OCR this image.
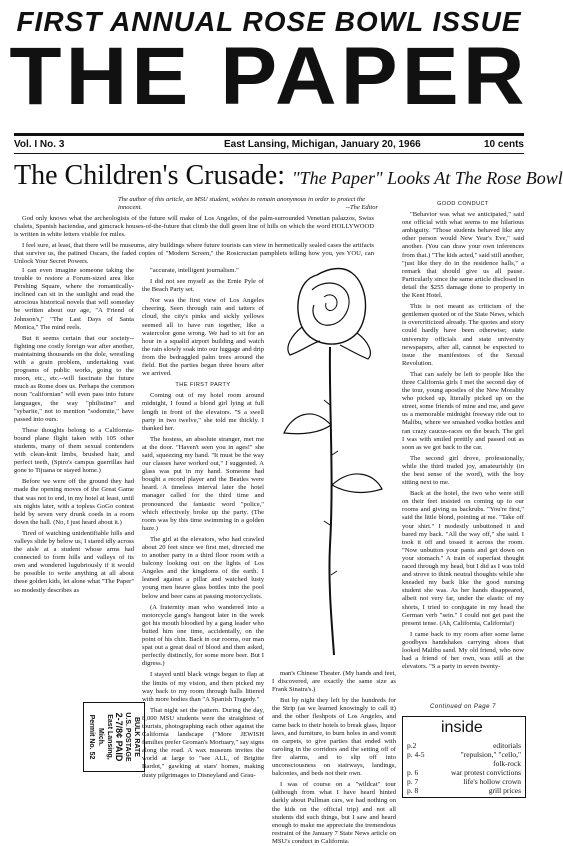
FIRST ANNUAL ROSE BOWL ISSUE
THE PAPER
Vol. I No. 3	East Lansing, Michigan, January 20, 1966	10 cents
The Children's Crusade: "The Paper" Looks At The Rose Bowl
The author of this article, an MSU student, wishes to remain anonymous in order to protect the innocent.	--The Editor

God only knows what the archeologists of the future will make of Los Angeles, of the palm-surrounded Venetian palazzos, Swiss chalets, Spanish haciendas, and gimcrack houses-of-the-future that climb the dull green line of hills on which the word HOLLYWOOD is written in white letters visible for miles.

I feel sure, at least, that there will be museums, airy buildings where future tourists can view in hermetically sealed cases the artifacts that survive us, the patined Oscars, the faded copies of "Modern Screen," the Rosicrucian pamphlets telling how you, yes YOU, can Unlock Your Secret Powers.

I can even imagine someone taking the trouble to restore a Forum-sized area like Pershing Square, where the romantically-inclined can sit in the sunlight and read the atrocious historical novels that will someday be written about our age, "A Friend of Johnson's," "The Last Days of Santa Monica," The mind reels.

But it seems certain that our society--fighting one costly foreign war after another, maintaining thousands on the dole, wrestling with a grain problem, undertaking vast programs of public works, going to the moon, etc., etc.--will fascinate the future much as Rome does us. Perhaps the common noun "californian" will even pass into future languages, the way "philistine" and "sybarite," not to mention "sodomite," have passed into ours.

These thoughts belong to a California-bound plane flight taken with 105 other students, many of them sexual contenders with clean-knit limbs, brushed hair, and perfect teeth, (Spiro's campus guerrillas had gone to Tijuana or stayed home.)

Before we were off the ground they had made the opening moves of the Great Game that was not to end, in my hotel at least, until six nights later, with a topless GoGo contest held by seven very drunk coeds in a room down the hall. (No, I just heard about it.)

Tired of watching unidentifiable hills and valleys slide by below us, I stared idly across the aisle at a student whose arms had connected to form hills and valleys of its own and wondered lugubriously if it would be possible to write anything at all about these golden kids, let alone what "The Paper" so modestly describes as

BULK RATE
U.S. POSTAGE
2-7/8¢ PAID
East Lansing, Mich.
Permit No. 52

"accurate, intelligent journalism."

I did not see myself as the Ernie Pyle of the Beach Party set.

Nor was the first view of Los Angeles cheering. Seen through rain and tatters of cloud, the city's pinks and sickly yellows seemed all to have run together, like a watercolor gone wrong. We had to sit for an hour in a squalid airport building and watch the rain slowly soak into our luggage and drip from the bedraggled palm trees around the field. But the parties began three hours after we arrived.

THE FIRST PARTY

Coming out of my hotel room around midnight, I found a blond girl lying at full length in front of the elevators. "S a swell party in two twelve," she told me thickly. I thanked her.

The hostess, an absolute stranger, met me at the door. "Haven't seen you in ages!" she said, squeezing my hand. "It must be the way our classes have worked out," I suggested. A glass was put in my hand. Someone had bought a record player and the Beatles were heard. A timeless interval later the hotel manager called for the third time and pronounced the fantastic word "police," which effectively broke up the party. (The room was by this time swimming in a golden haze.)

The girl at the elevators, who had crawled about 20 feet since we first met, directed me to another party in a third floor room with a balcony looking out on the lights of Los Angeles and the kingdoms of the earth. I leaned against a pillar and watched lusty young men heave glass bottles into the pool below and beer cans at passing motorcyclists.

(A fraternity man who wandered into a motorcycle gang's hangout later in the week got his mouth bloodied by a gang leader who butted him one time, accidentally, on the point of his chin. Back in our rooms, our man spat out a great deal of blood and then asked, perfectly distinctly, for some more beer. But I digress.)

I stayed until black wings began to flap at the limits of my vision, and then picked my way back to my room through halls littered with more bodies than "A Spanish Tragedy."

That night set the pattern. During the day, 8,000 MSU students were the straightest of tourists, photographing each other against the California landscape ("More JEWISH families prefer Groman's Mortuary," say signs along the road. A wax museum invites the world at large to "see ALL, of Brigitte Bardot," gawking at stars' homes, making dusty pilgrimages to Disneyland and Grau-

man's Chinese Theater. (My hands and feet, I discovered, are exactly the same size as Frank Sinatra's.)

But by night they left by the hundreds for the Strip (as we learned knowingly to call it) and the other fleshpots of Los Angeles, and came back to their hotels to break glass, liquor laws, and furniture, to burn holes in and vomit on carpets, to give parties that ended with caroling in the corridors and the setting off of fire alarms, and to slip off into unconsciousness on stairways, landings, balconies, and beds not their own.

I was of course on a "wildcat" tour (although from what I have heard hinted darkly about Pullman cars, we had nothing on the kids on the official trip) and not all students did such things, but I saw and heard enough to make me appreciate the tremendous restraint of the January 7 State News article on MSU's conduct in California.

GOOD CONDUCT

"Behavior was what we anticipated," said one official with what seems to me hilarious ambiguity. "Those students behaved like any other person would New Year's Eve," said another. (You can draw your own inferences from that.) "The kids acted," said still another, "just like they do in the residence halls," a remark that should give us all pause. Particularly since the same article disclosed in detail the $255 damage done to property in the Kent Hotel.

This is not meant as criticism of the gentlemen quoted or of the State News, which is overcriticized already. The quotes and story could hardly have been otherwise; state university officials and state university newspapers, after all, cannot be expected to issue the manifestoes of the Sexual Revolution.

That can safely be left to people like the three California girls I met the second day of the tour, young apostles of the New Morality who picked up, literally picked up on the street, some friends of mine and me, and gave us a memorable midnight freeway ride out to Malibu, where we smashed vodka bottles and ran crazy caucus-races on the beach. The girl I was with smiled prettily and passed out as soon as we got back to the car.

The second girl drove, professionally, while the third traded joy, amateurishly (in the best sense of the word), with the boy sitting next to me.

Back at the hotel, the two who were still on their feet insisted on coming up to our rooms and giving us backrubs. "You're first," said the little blond, pointing at me. "Take off your shirt." I modestly unbuttoned it and bared my back. "All the way off," she said. I took it off and tossed it across the room. "Now unbutton your pants and get down on your stomach." A train of superfast thought raced through my head, but I did as I was told and strove to think neutral thoughts while she kneaded my back like the good nursing student she was. As her hands disappeared, albeit not very far, under the elastic of my shorts, I tried to conjugate in my head the German verb "sein." I could not get past the present tense. (Ah, California, California!)

I came back to my room after some lame goodbyes handshakes carrying shoes that looked Malibu sand. My old friend, who now had a friend of her own, was still at the elevators. "S a party in seven twenty-

Continued on Page 7
inside
p.2	editorials
p. 4-5	"repulsion," "cello,"
folk-rock
p. 6	war protest convictions
p. 7	life's hollow crown
p. 8	grill prices
